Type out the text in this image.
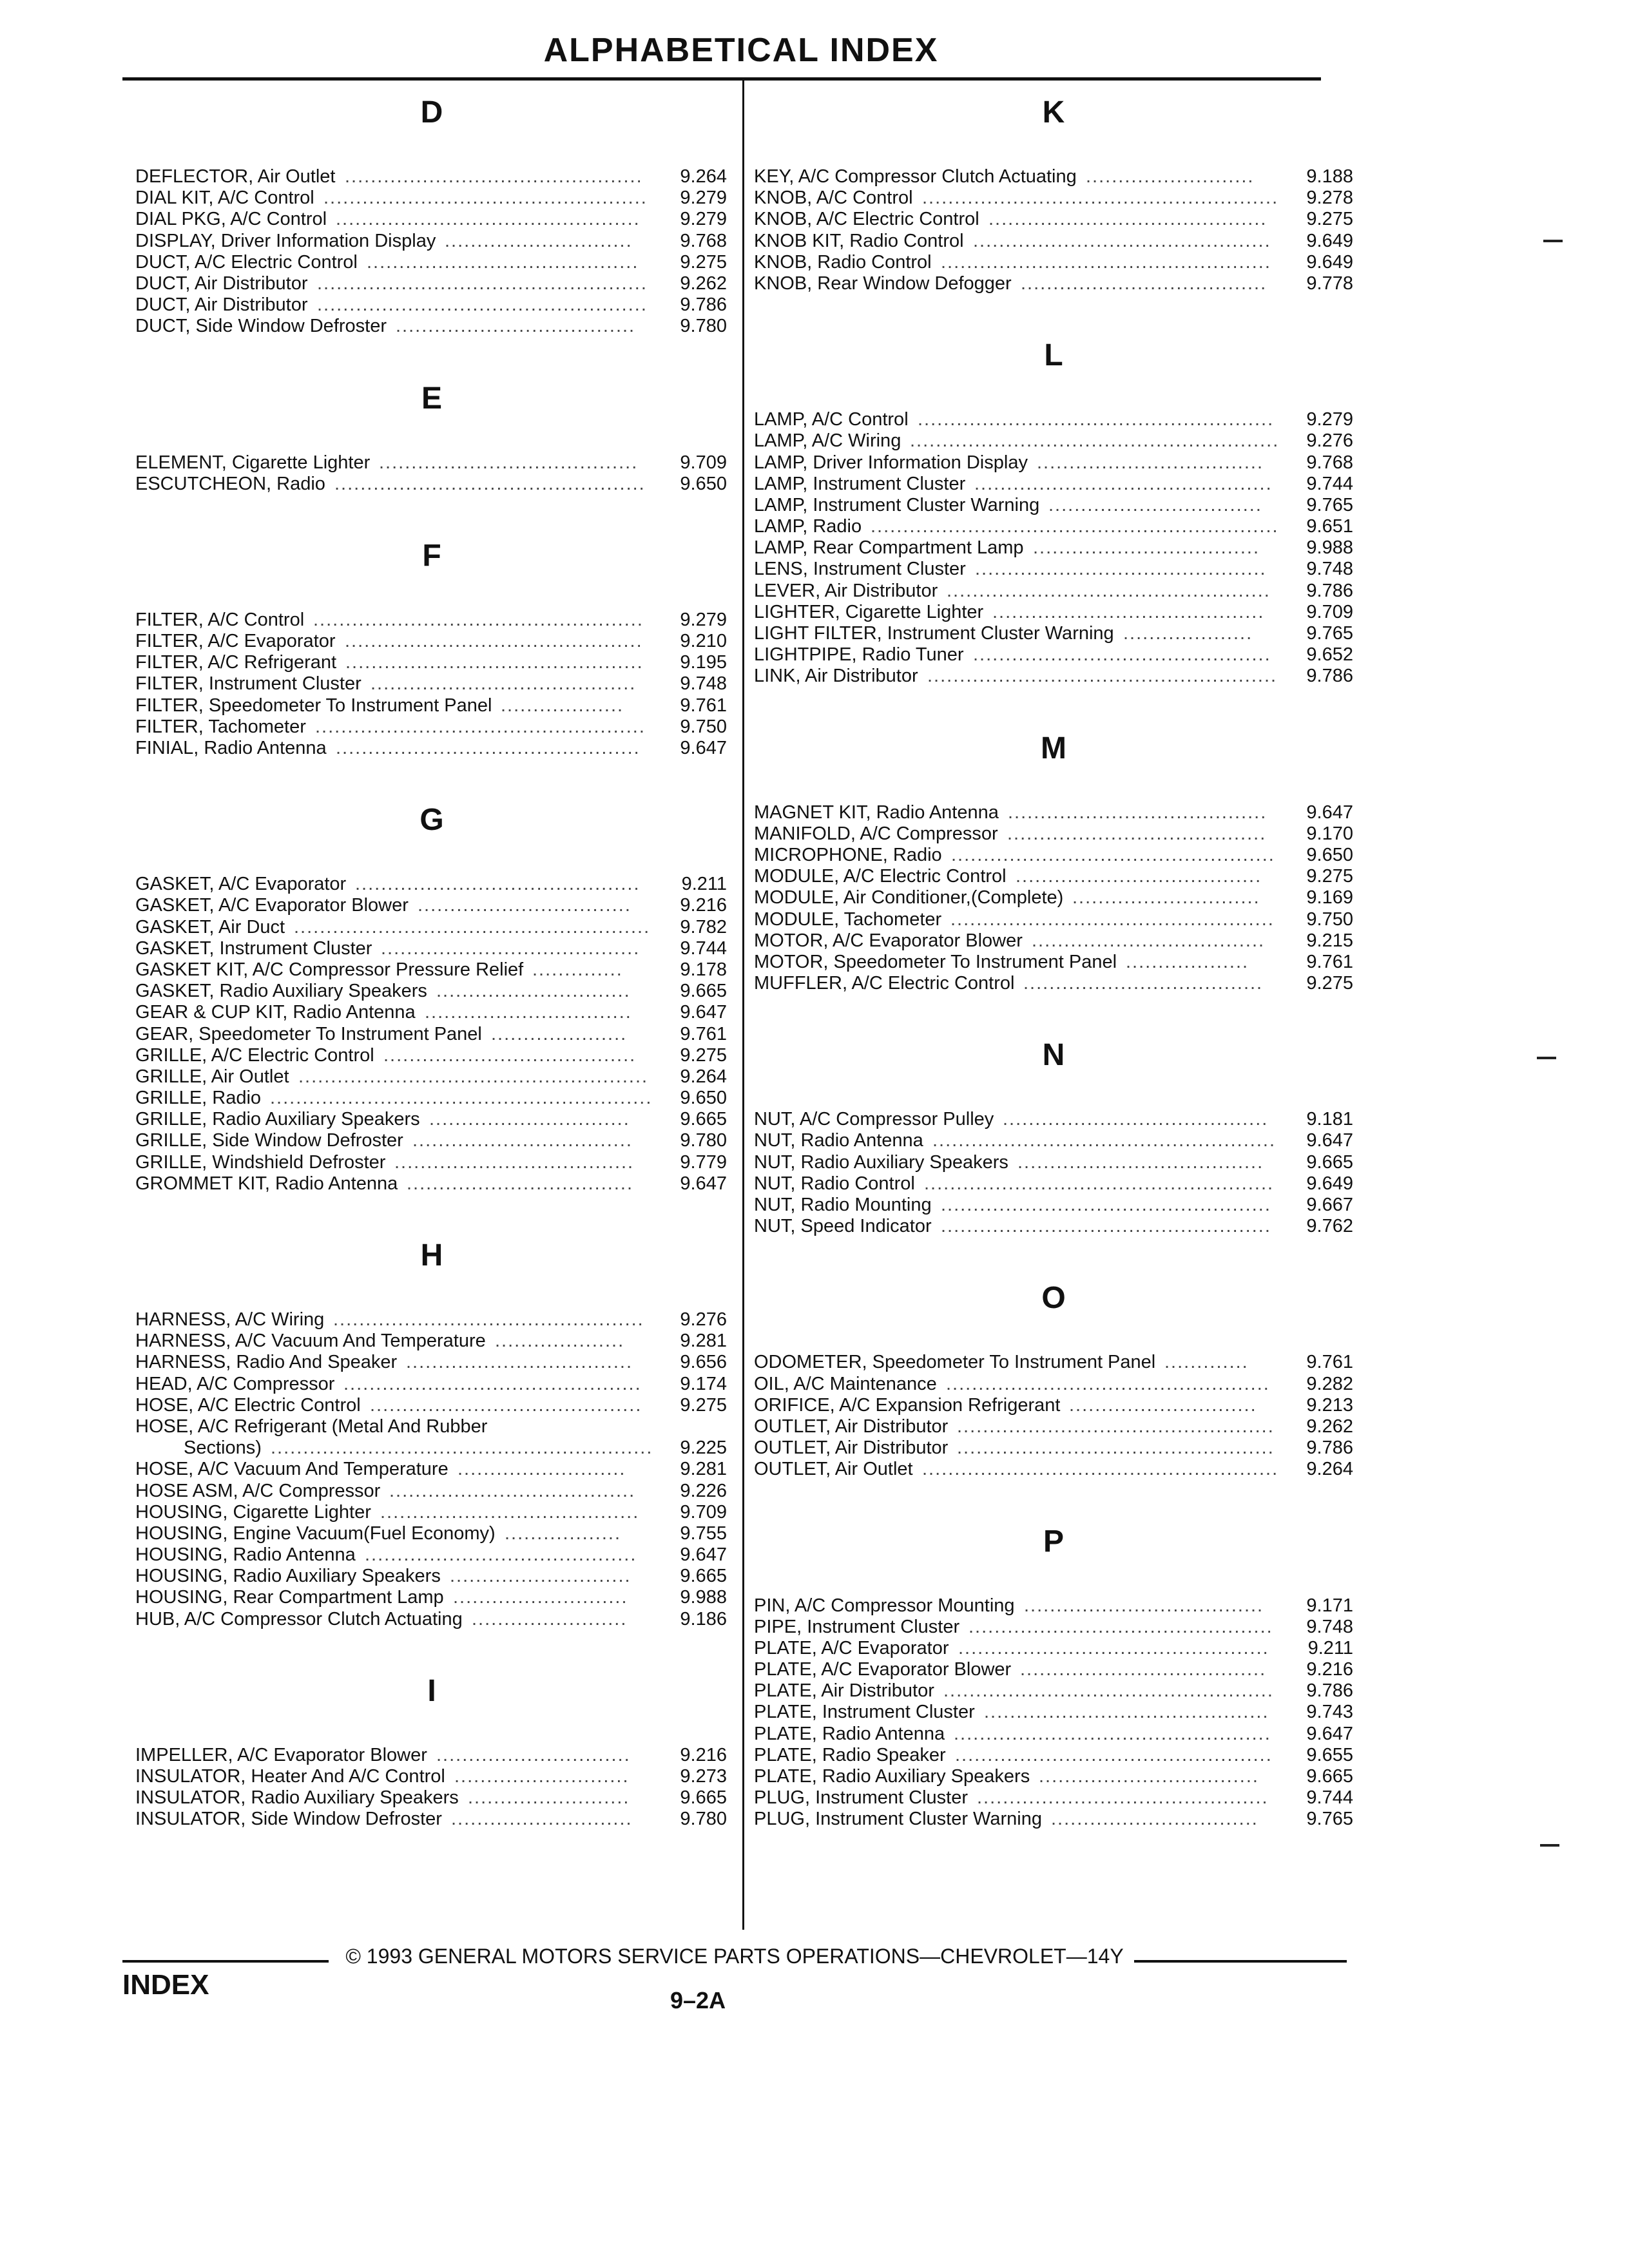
ALPHABETICAL INDEX
D
DEFLECTOR, Air Outlet ..............................................	9.264
DIAL KIT, A/C Control ..................................................	9.279
DIAL PKG, A/C Control ...............................................	9.279
DISPLAY, Driver Information Display .............................	9.768
DUCT, A/C Electric Control ..........................................	9.275
DUCT, Air Distributor ...................................................	9.262
DUCT, Air Distributor ...................................................	9.786
DUCT, Side Window Defroster .....................................	9.780
E
ELEMENT, Cigarette Lighter ........................................	9.709
ESCUTCHEON, Radio ................................................	9.650
F
FILTER, A/C Control ...................................................	9.279
FILTER, A/C Evaporator ..............................................	9.210
FILTER, A/C Refrigerant ..............................................	9.195
FILTER, Instrument Cluster .........................................	9.748
FILTER, Speedometer To Instrument Panel ...................	9.761
FILTER, Tachometer ...................................................	9.750
FINIAL, Radio Antenna ...............................................	9.647
G
GASKET, A/C Evaporator ............................................	9.211
GASKET, A/C Evaporator Blower .................................	9.216
GASKET, Air Duct .......................................................	9.782
GASKET, Instrument Cluster ........................................	9.744
GASKET KIT, A/C Compressor Pressure Relief ..............	9.178
GASKET, Radio Auxiliary Speakers ..............................	9.665
GEAR & CUP KIT, Radio Antenna ................................	9.647
GEAR, Speedometer To Instrument Panel .....................	9.761
GRILLE, A/C Electric Control .......................................	9.275
GRILLE, Air Outlet ......................................................	9.264
GRILLE, Radio ...........................................................	9.650
GRILLE, Radio Auxiliary Speakers ...............................	9.665
GRILLE, Side Window Defroster ..................................	9.780
GRILLE, Windshield Defroster .....................................	9.779
GROMMET KIT, Radio Antenna ...................................	9.647
H
HARNESS, A/C Wiring ................................................	9.276
HARNESS, A/C Vacuum And Temperature ....................	9.281
HARNESS, Radio And Speaker ...................................	9.656
HEAD, A/C Compressor ..............................................	9.174
HOSE, A/C Electric Control ..........................................	9.275
HOSE, A/C Refrigerant (Metal And Rubber
Sections) ...........................................................	9.225
HOSE, A/C Vacuum And Temperature ..........................	9.281
HOSE ASM, A/C Compressor ......................................	9.226
HOUSING, Cigarette Lighter ........................................	9.709
HOUSING, Engine Vacuum(Fuel Economy) ..................	9.755
HOUSING, Radio Antenna ..........................................	9.647
HOUSING, Radio Auxiliary Speakers ............................	9.665
HOUSING, Rear Compartment Lamp ...........................	9.988
HUB, A/C Compressor Clutch Actuating ........................	9.186
I
IMPELLER, A/C Evaporator Blower ..............................	9.216
INSULATOR, Heater And A/C Control ...........................	9.273
INSULATOR, Radio Auxiliary Speakers .........................	9.665
INSULATOR, Side Window Defroster ............................	9.780
K
KEY, A/C Compressor Clutch Actuating ..........................	9.188
KNOB, A/C Control .......................................................	9.278
KNOB, A/C Electric Control ...........................................	9.275
KNOB KIT, Radio Control ..............................................	9.649
KNOB, Radio Control ...................................................	9.649
KNOB, Rear Window Defogger ......................................	9.778
L
LAMP, A/C Control .......................................................	9.279
LAMP, A/C Wiring .........................................................	9.276
LAMP, Driver Information Display ...................................	9.768
LAMP, Instrument Cluster ..............................................	9.744
LAMP, Instrument Cluster Warning .................................	9.765
LAMP, Radio ...............................................................	9.651
LAMP, Rear Compartment Lamp ...................................	9.988
LENS, Instrument Cluster .............................................	9.748
LEVER, Air Distributor ..................................................	9.786
LIGHTER, Cigarette Lighter ..........................................	9.709
LIGHT FILTER, Instrument Cluster Warning ....................	9.765
LIGHTPIPE, Radio Tuner ..............................................	9.652
LINK, Air Distributor ......................................................	9.786
M
MAGNET KIT, Radio Antenna ........................................	9.647
MANIFOLD, A/C Compressor ........................................	9.170
MICROPHONE, Radio ..................................................	9.650
MODULE, A/C Electric Control ......................................	9.275
MODULE, Air Conditioner,(Complete) .............................	9.169
MODULE, Tachometer ..................................................	9.750
MOTOR, A/C Evaporator Blower ....................................	9.215
MOTOR, Speedometer To Instrument Panel ...................	9.761
MUFFLER, A/C Electric Control .....................................	9.275
N
NUT, A/C Compressor Pulley .........................................	9.181
NUT, Radio Antenna .....................................................	9.647
NUT, Radio Auxiliary Speakers ......................................	9.665
NUT, Radio Control ......................................................	9.649
NUT, Radio Mounting ...................................................	9.667
NUT, Speed Indicator ...................................................	9.762
O
ODOMETER, Speedometer To Instrument Panel .............	9.761
OIL, A/C Maintenance ..................................................	9.282
ORIFICE, A/C Expansion Refrigerant .............................	9.213
OUTLET, Air Distributor .................................................	9.262
OUTLET, Air Distributor .................................................	9.786
OUTLET, Air Outlet .......................................................	9.264
P
PIN, A/C Compressor Mounting .....................................	9.171
PIPE, Instrument Cluster ...............................................	9.748
PLATE, A/C Evaporator ................................................	9.211
PLATE, A/C Evaporator Blower ......................................	9.216
PLATE, Air Distributor ...................................................	9.786
PLATE, Instrument Cluster ............................................	9.743
PLATE, Radio Antenna .................................................	9.647
PLATE, Radio Speaker .................................................	9.655
PLATE, Radio Auxiliary Speakers ..................................	9.665
PLUG, Instrument Cluster .............................................	9.744
PLUG, Instrument Cluster Warning ................................	9.765
© 1993 GENERAL MOTORS SERVICE PARTS OPERATIONS—CHEVROLET—14Y
INDEX	9–2A
